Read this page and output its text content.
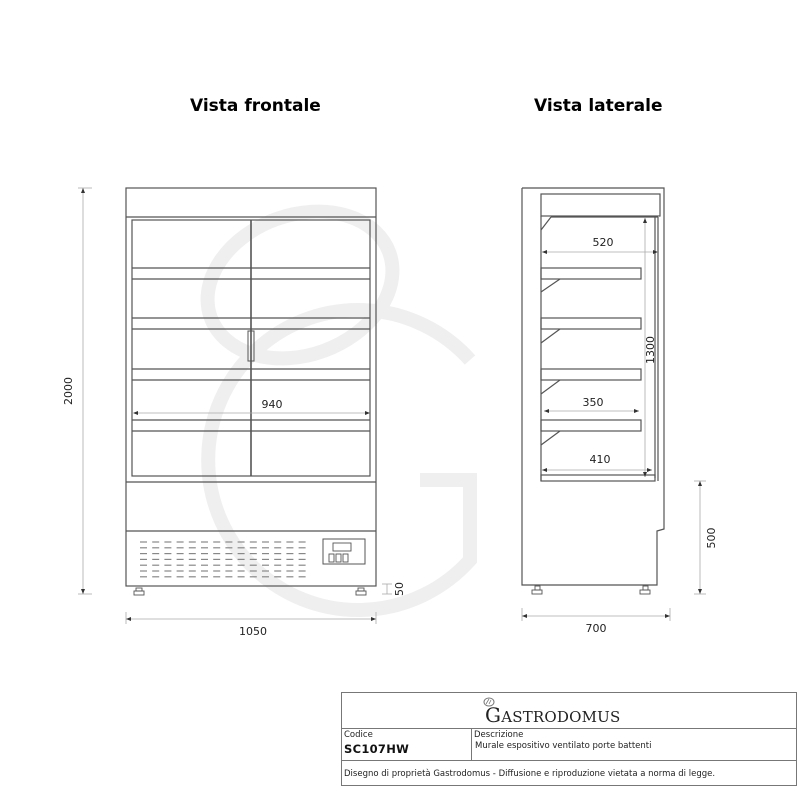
Vista frontale	Vista laterale
2000
1050
940
50
520
350
410
1300
700
500
GASTRODOMUS
Codice
SC107HW
Descrizione
Murale espositivo ventilato porte battenti
Disegno di proprietà Gastrodomus - Diffusione e riproduzione vietata a norma di legge.
